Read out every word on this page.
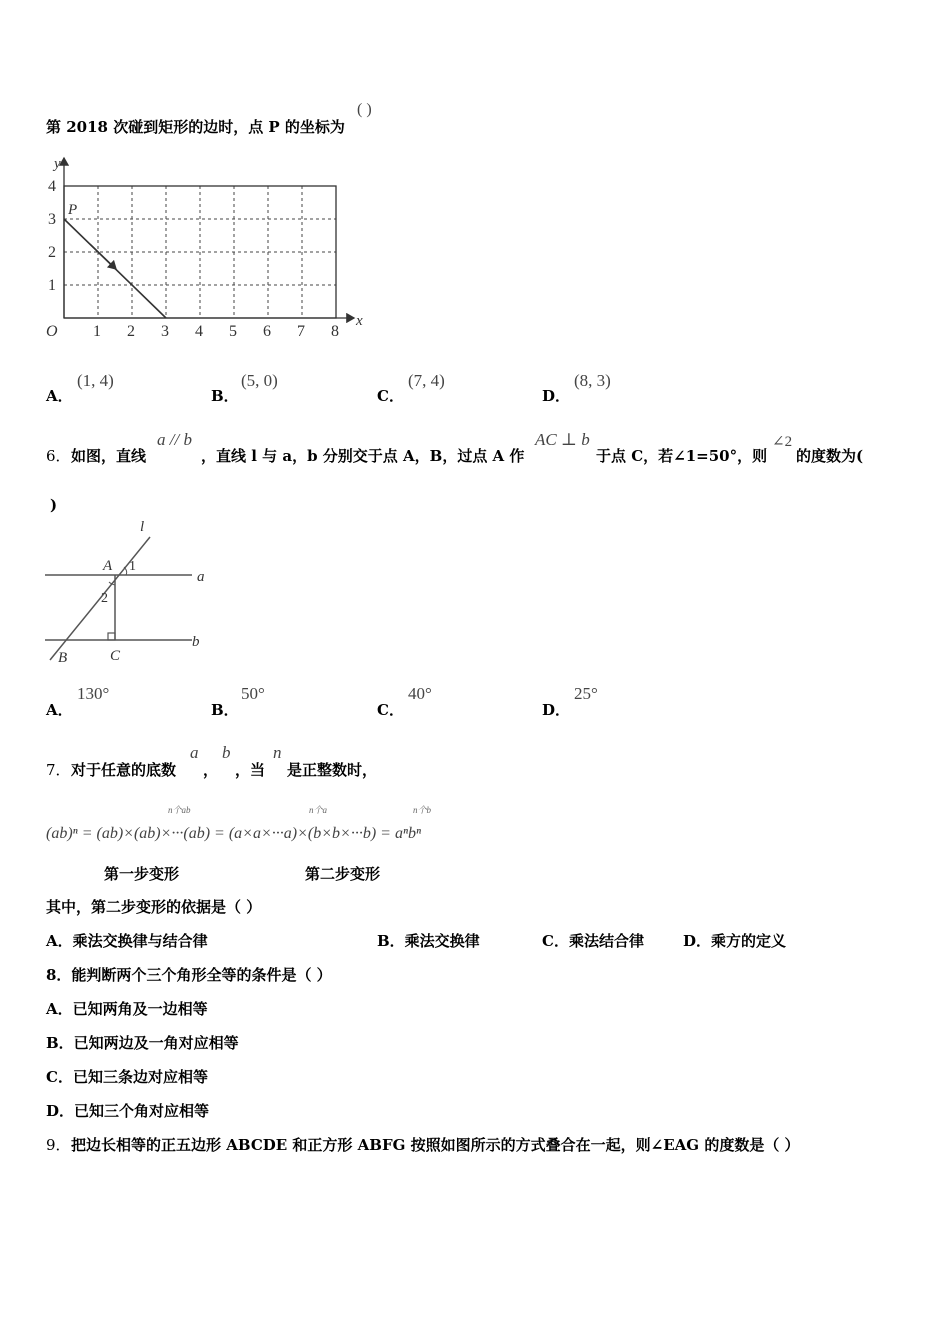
第 2018 次碰到矩形的边时，点 P 的坐标为
( )
y
x
O
P
4
3
2
1
1 2 3 4 5 6 7 8
A．
(1, 4)
B．
(5, 0)
C．
(7, 4)
D．
(8, 3)
6． 如图，直线
a // b
，直线 l 与 a，b 分别交于点 A，B，过点 A 作
AC ⊥ b
于点 C，若∠1=50°，则
∠2
的度数为(
)
l
a
b
A
B	C
1
2
A．
130°
B．
50°
C．
40°
D．
25°
7． 对于任意的底数
a
，
b
，当
n
是正整数时，
n个ab	n个a	n个b
(ab)ⁿ = (ab)×(ab)×···(ab) = (a×a×···a)×(b×b×···b) = aⁿbⁿ
第一步变形	第二步变形
其中，第二步变形的依据是（ ）
A．乘法交换律与结合律	B．乘法交换律	C．乘法结合律	D．乘方的定义
8．能判断两个三个角形全等的条件是（ ）
A．已知两角及一边相等
B．已知两边及一角对应相等
C．已知三条边对应相等
D．已知三个角对应相等
9． 把边长相等的正五边形 ABCDE 和正方形 ABFG 按照如图所示的方式叠合在一起，则∠EAG 的度数是（ ）
